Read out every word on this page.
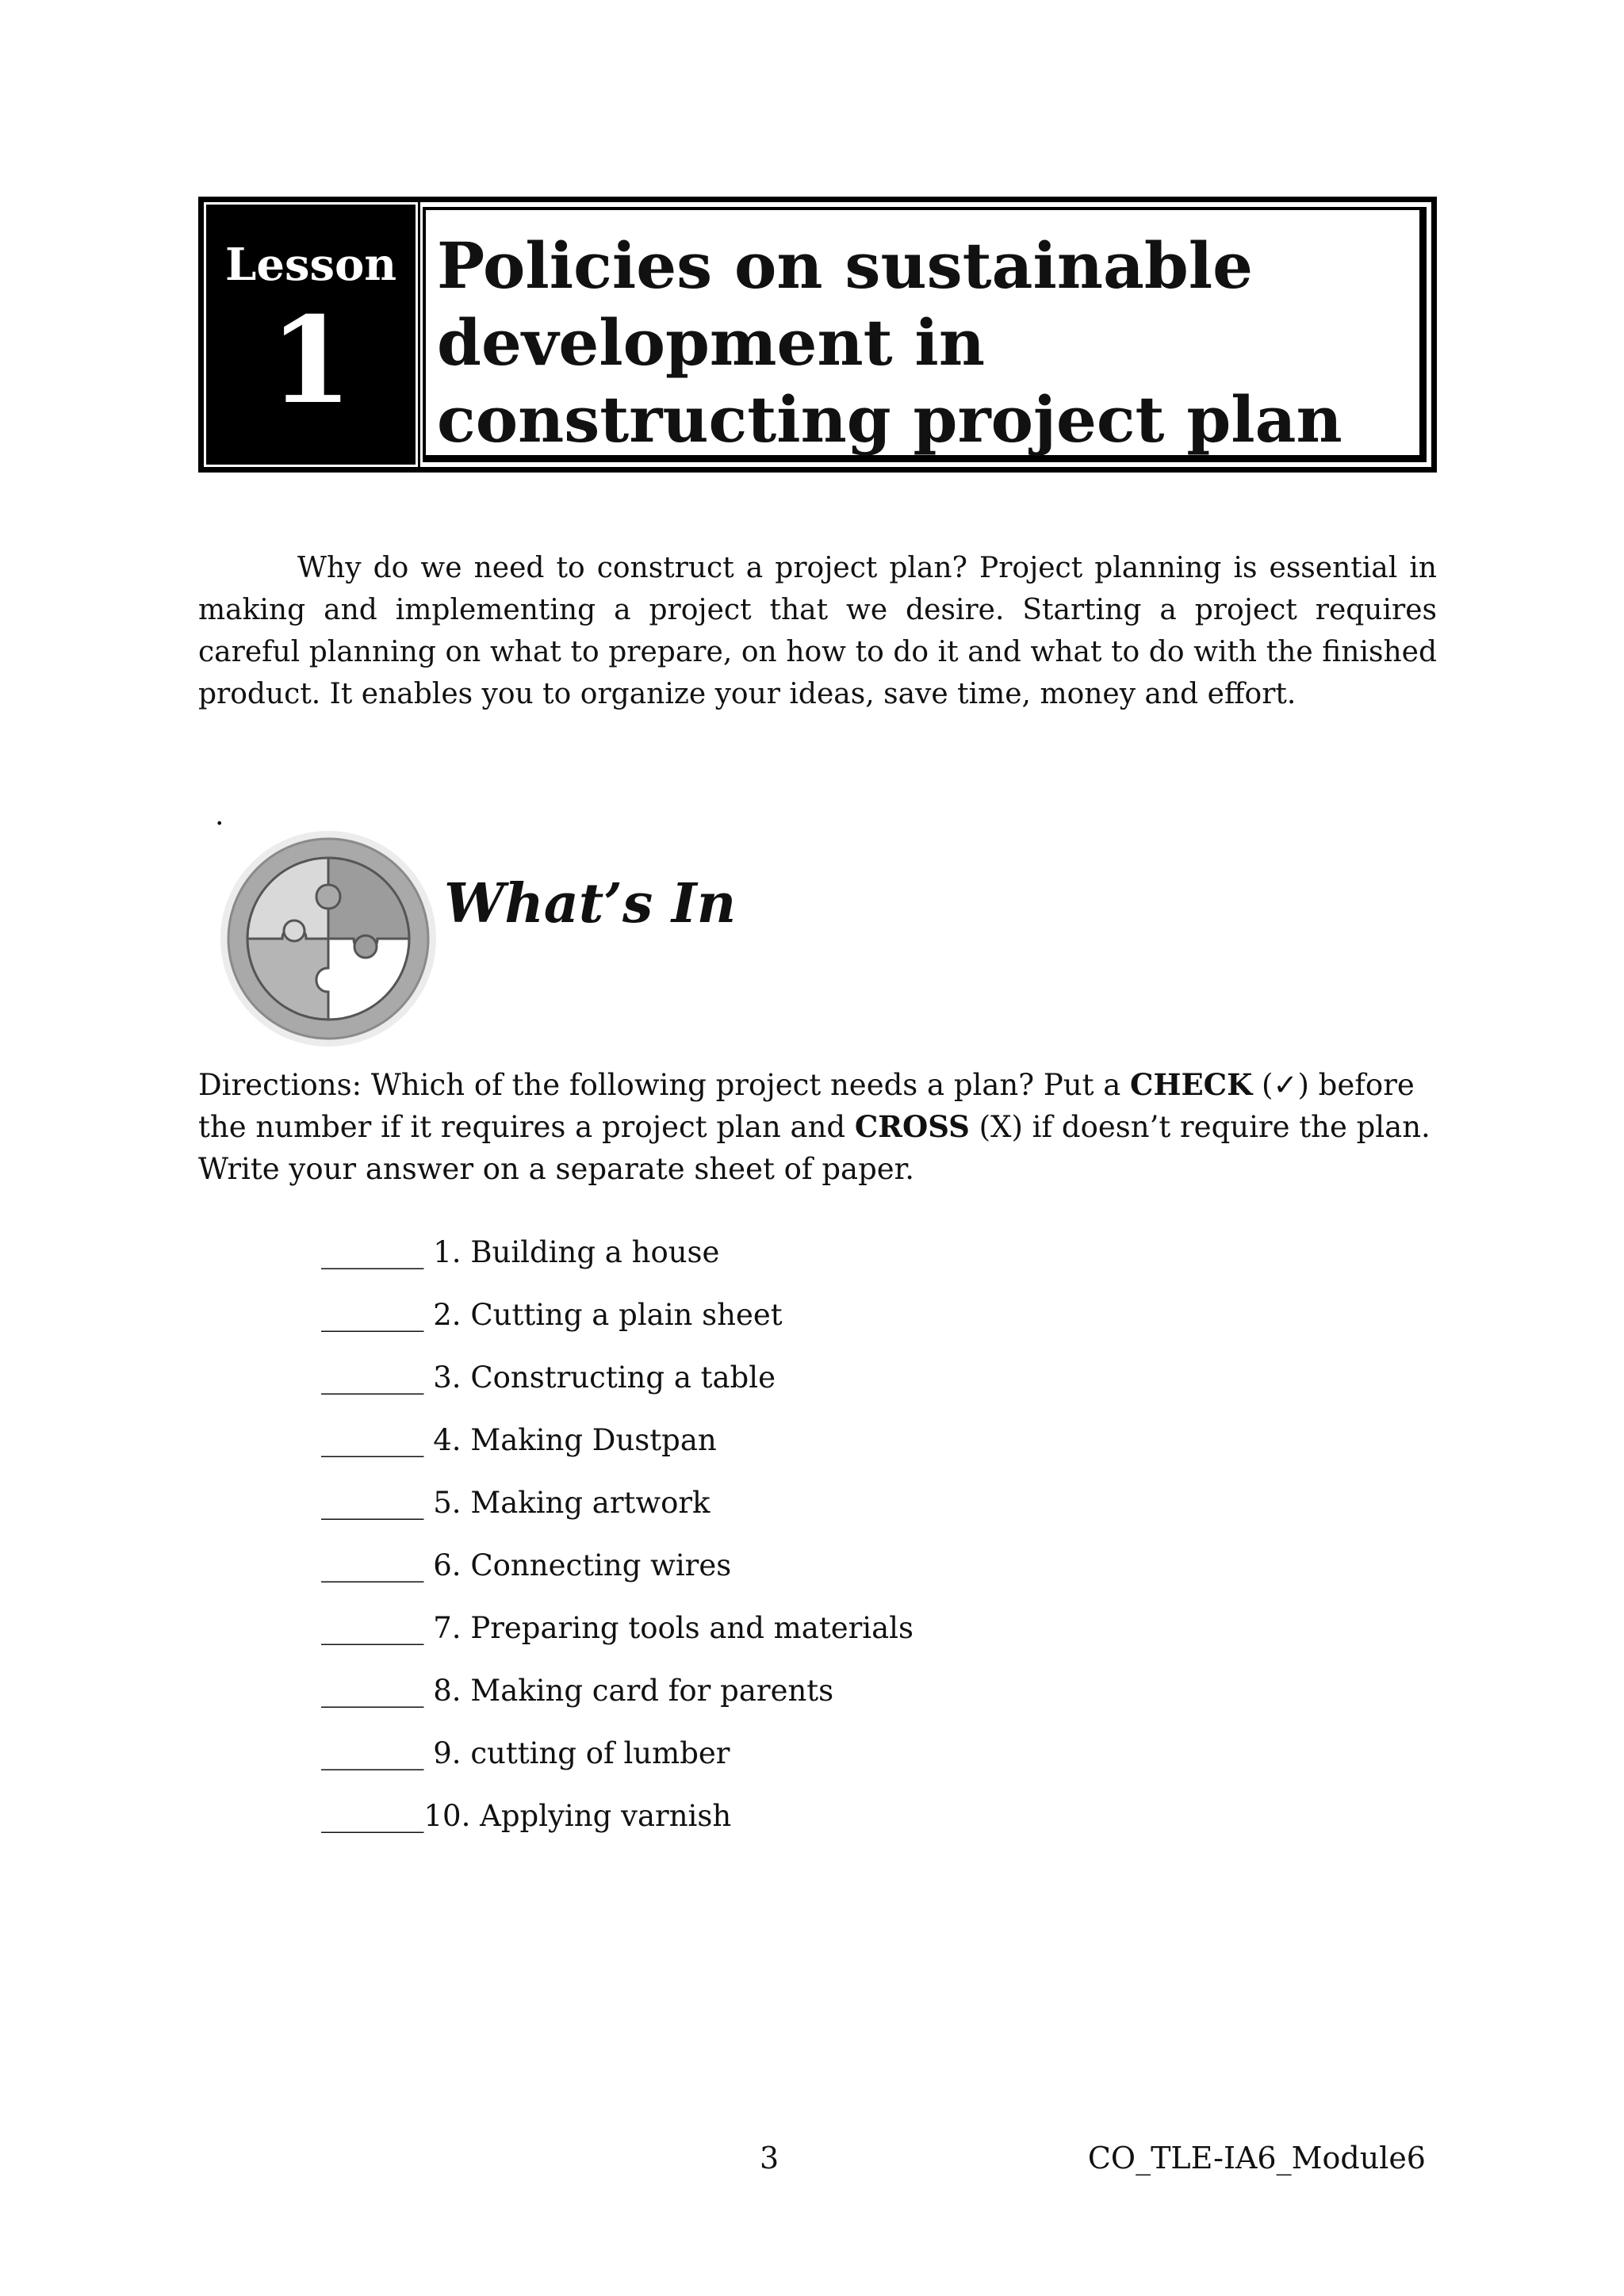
Lesson
1
Policies on sustainable
development in
constructing project plan

Why do we need to construct a project plan? Project planning is essential in making and implementing a project that we desire. Starting a project requires careful planning on what to prepare, on how to do it and what to do with the finished product. It enables you to organize your ideas, save time, money and effort.

.
What’s In

Directions: Which of the following project needs a plan? Put a CHECK (✓) before the number if it requires a project plan and CROSS (X) if doesn’t require the plan. Write your answer on a separate sheet of paper.

_______ 1. Building a house
_______ 2. Cutting a plain sheet
_______ 3. Constructing a table
_______ 4. Making Dustpan
_______ 5. Making artwork
_______ 6. Connecting wires
_______ 7. Preparing tools and materials
_______ 8. Making card for parents
_______ 9. cutting of lumber
_______10. Applying varnish
3	CO_TLE-IA6_Module6
